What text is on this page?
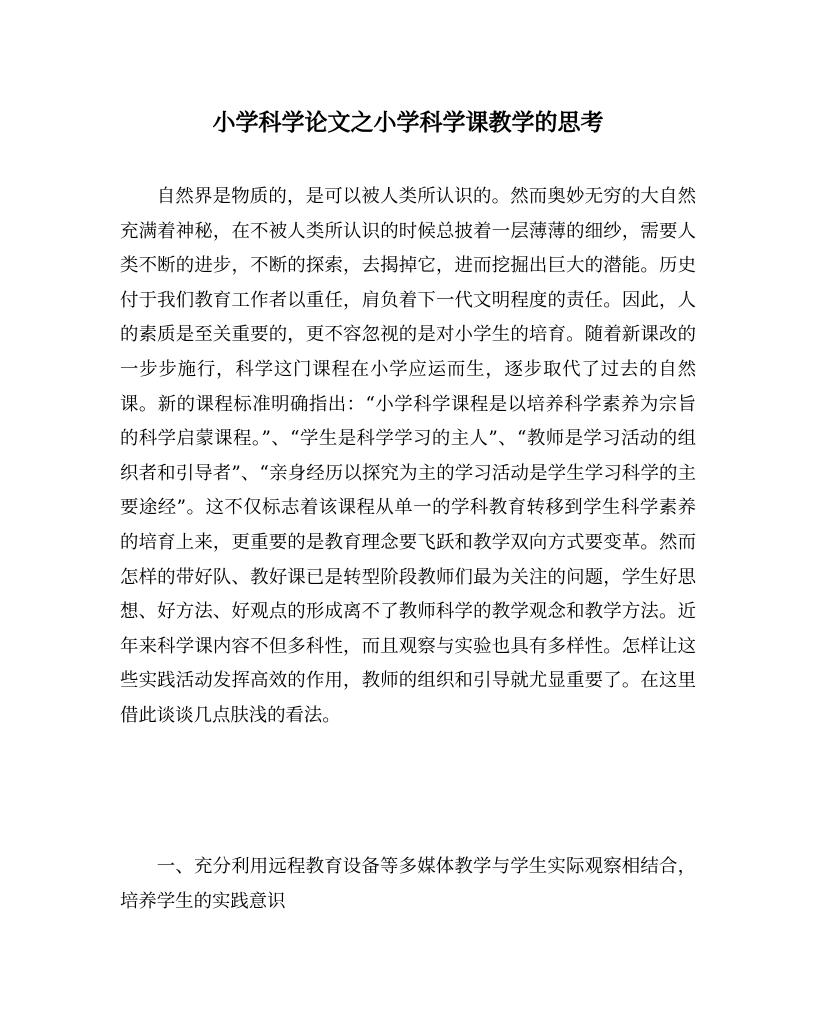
小学科学论文之小学科学课教学的思考

自然界是物质的，是可以被人类所认识的。然而奥妙无穷的大自然充满着神秘，在不被人类所认识的时候总披着一层薄薄的细纱，需要人类不断的进步，不断的探索，去揭掉它，进而挖掘出巨大的潜能。历史付于我们教育工作者以重任，肩负着下一代文明程度的责任。因此，人的素质是至关重要的，更不容忽视的是对小学生的培育。随着新课改的一步步施行，科学这门课程在小学应运而生，逐步取代了过去的自然课。新的课程标准明确指出：“小学科学课程是以培养科学素养为宗旨的科学启蒙课程。”、“学生是科学学习的主人”、“教师是学习活动的组织者和引导者”、“亲身经历以探究为主的学习活动是学生学习科学的主要途经”。这不仅标志着该课程从单一的学科教育转移到学生科学素养的培育上来，更重要的是教育理念要飞跃和教学双向方式要变革。然而怎样的带好队、教好课已是转型阶段教师们最为关注的问题，学生好思想、好方法、好观点的形成离不了教师科学的教学观念和教学方法。近年来科学课内容不但多科性，而且观察与实验也具有多样性。怎样让这些实践活动发挥高效的作用，教师的组织和引导就尤显重要了。在这里借此谈谈几点肤浅的看法。

一、充分利用远程教育设备等多媒体教学与学生实际观察相结合，培养学生的实践意识
